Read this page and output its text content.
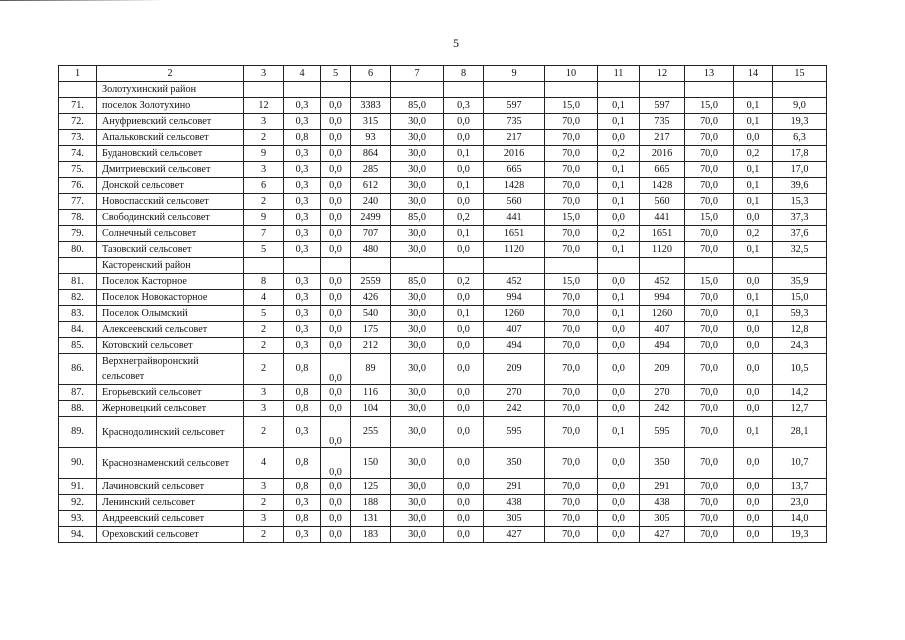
5
1	2	3	4	5	6	7	8	9	10	11	12	13	14	15
	Золотухинский район													
71.	поселок Золотухино	12	0,3	0,0	3383	85,0	0,3	597	15,0	0,1	597	15,0	0,1	9,0
72.	Ануфриевский сельсовет	3	0,3	0,0	315	30,0	0,0	735	70,0	0,1	735	70,0	0,1	19,3
73.	Апальковский сельсовет	2	0,8	0,0	93	30,0	0,0	217	70,0	0,0	217	70,0	0,0	6,3
74.	Будановский сельсовет	9	0,3	0,0	864	30,0	0,1	2016	70,0	0,2	2016	70,0	0,2	17,8
75.	Дмитриевский сельсовет	3	0,3	0,0	285	30,0	0,0	665	70,0	0,1	665	70,0	0,1	17,0
76.	Донской сельсовет	6	0,3	0,0	612	30,0	0,1	1428	70,0	0,1	1428	70,0	0,1	39,6
77.	Новоспасский сельсовет	2	0,3	0,0	240	30,0	0,0	560	70,0	0,1	560	70,0	0,1	15,3
78.	Свободинский сельсовет	9	0,3	0,0	2499	85,0	0,2	441	15,0	0,0	441	15,0	0,0	37,3
79.	Солнечный сельсовет	7	0,3	0,0	707	30,0	0,1	1651	70,0	0,2	1651	70,0	0,2	37,6
80.	Тазовский сельсовет	5	0,3	0,0	480	30,0	0,0	1120	70,0	0,1	1120	70,0	0,1	32,5
	Касторенский район													
81.	Поселок Касторное	8	0,3	0,0	2559	85,0	0,2	452	15,0	0,0	452	15,0	0,0	35,9
82.	Поселок Новокасторное	4	0,3	0,0	426	30,0	0,0	994	70,0	0,1	994	70,0	0,1	15,0
83.	Поселок Олымский	5	0,3	0,0	540	30,0	0,1	1260	70,0	0,1	1260	70,0	0,1	59,3
84.	Алексеевский сельсовет	2	0,3	0,0	175	30,0	0,0	407	70,0	0,0	407	70,0	0,0	12,8
85.	Котовский сельсовет	2	0,3	0,0	212	30,0	0,0	494	70,0	0,0	494	70,0	0,0	24,3
86.	Верхнеграйворонский сельсовет	2	0,8	0,0	89	30,0	0,0	209	70,0	0,0	209	70,0	0,0	10,5
87.	Егорьевский сельсовет	3	0,8	0,0	116	30,0	0,0	270	70,0	0,0	270	70,0	0,0	14,2
88.	Жерновецкий сельсовет	3	0,8	0,0	104	30,0	0,0	242	70,0	0,0	242	70,0	0,0	12,7
89.	Краснодолинский сельсовет	2	0,3	0,0	255	30,0	0,0	595	70,0	0,1	595	70,0	0,1	28,1
90.	Краснознаменский сельсовет	4	0,8	0,0	150	30,0	0,0	350	70,0	0,0	350	70,0	0,0	10,7
91.	Лачиновский сельсовет	3	0,8	0,0	125	30,0	0,0	291	70,0	0,0	291	70,0	0,0	13,7
92.	Ленинский сельсовет	2	0,3	0,0	188	30,0	0,0	438	70,0	0,0	438	70,0	0,0	23,0
93.	Андреевский сельсовет	3	0,8	0,0	131	30,0	0,0	305	70,0	0,0	305	70,0	0,0	14,0
94.	Ореховский сельсовет	2	0,3	0,0	183	30,0	0,0	427	70,0	0,0	427	70,0	0,0	19,3
